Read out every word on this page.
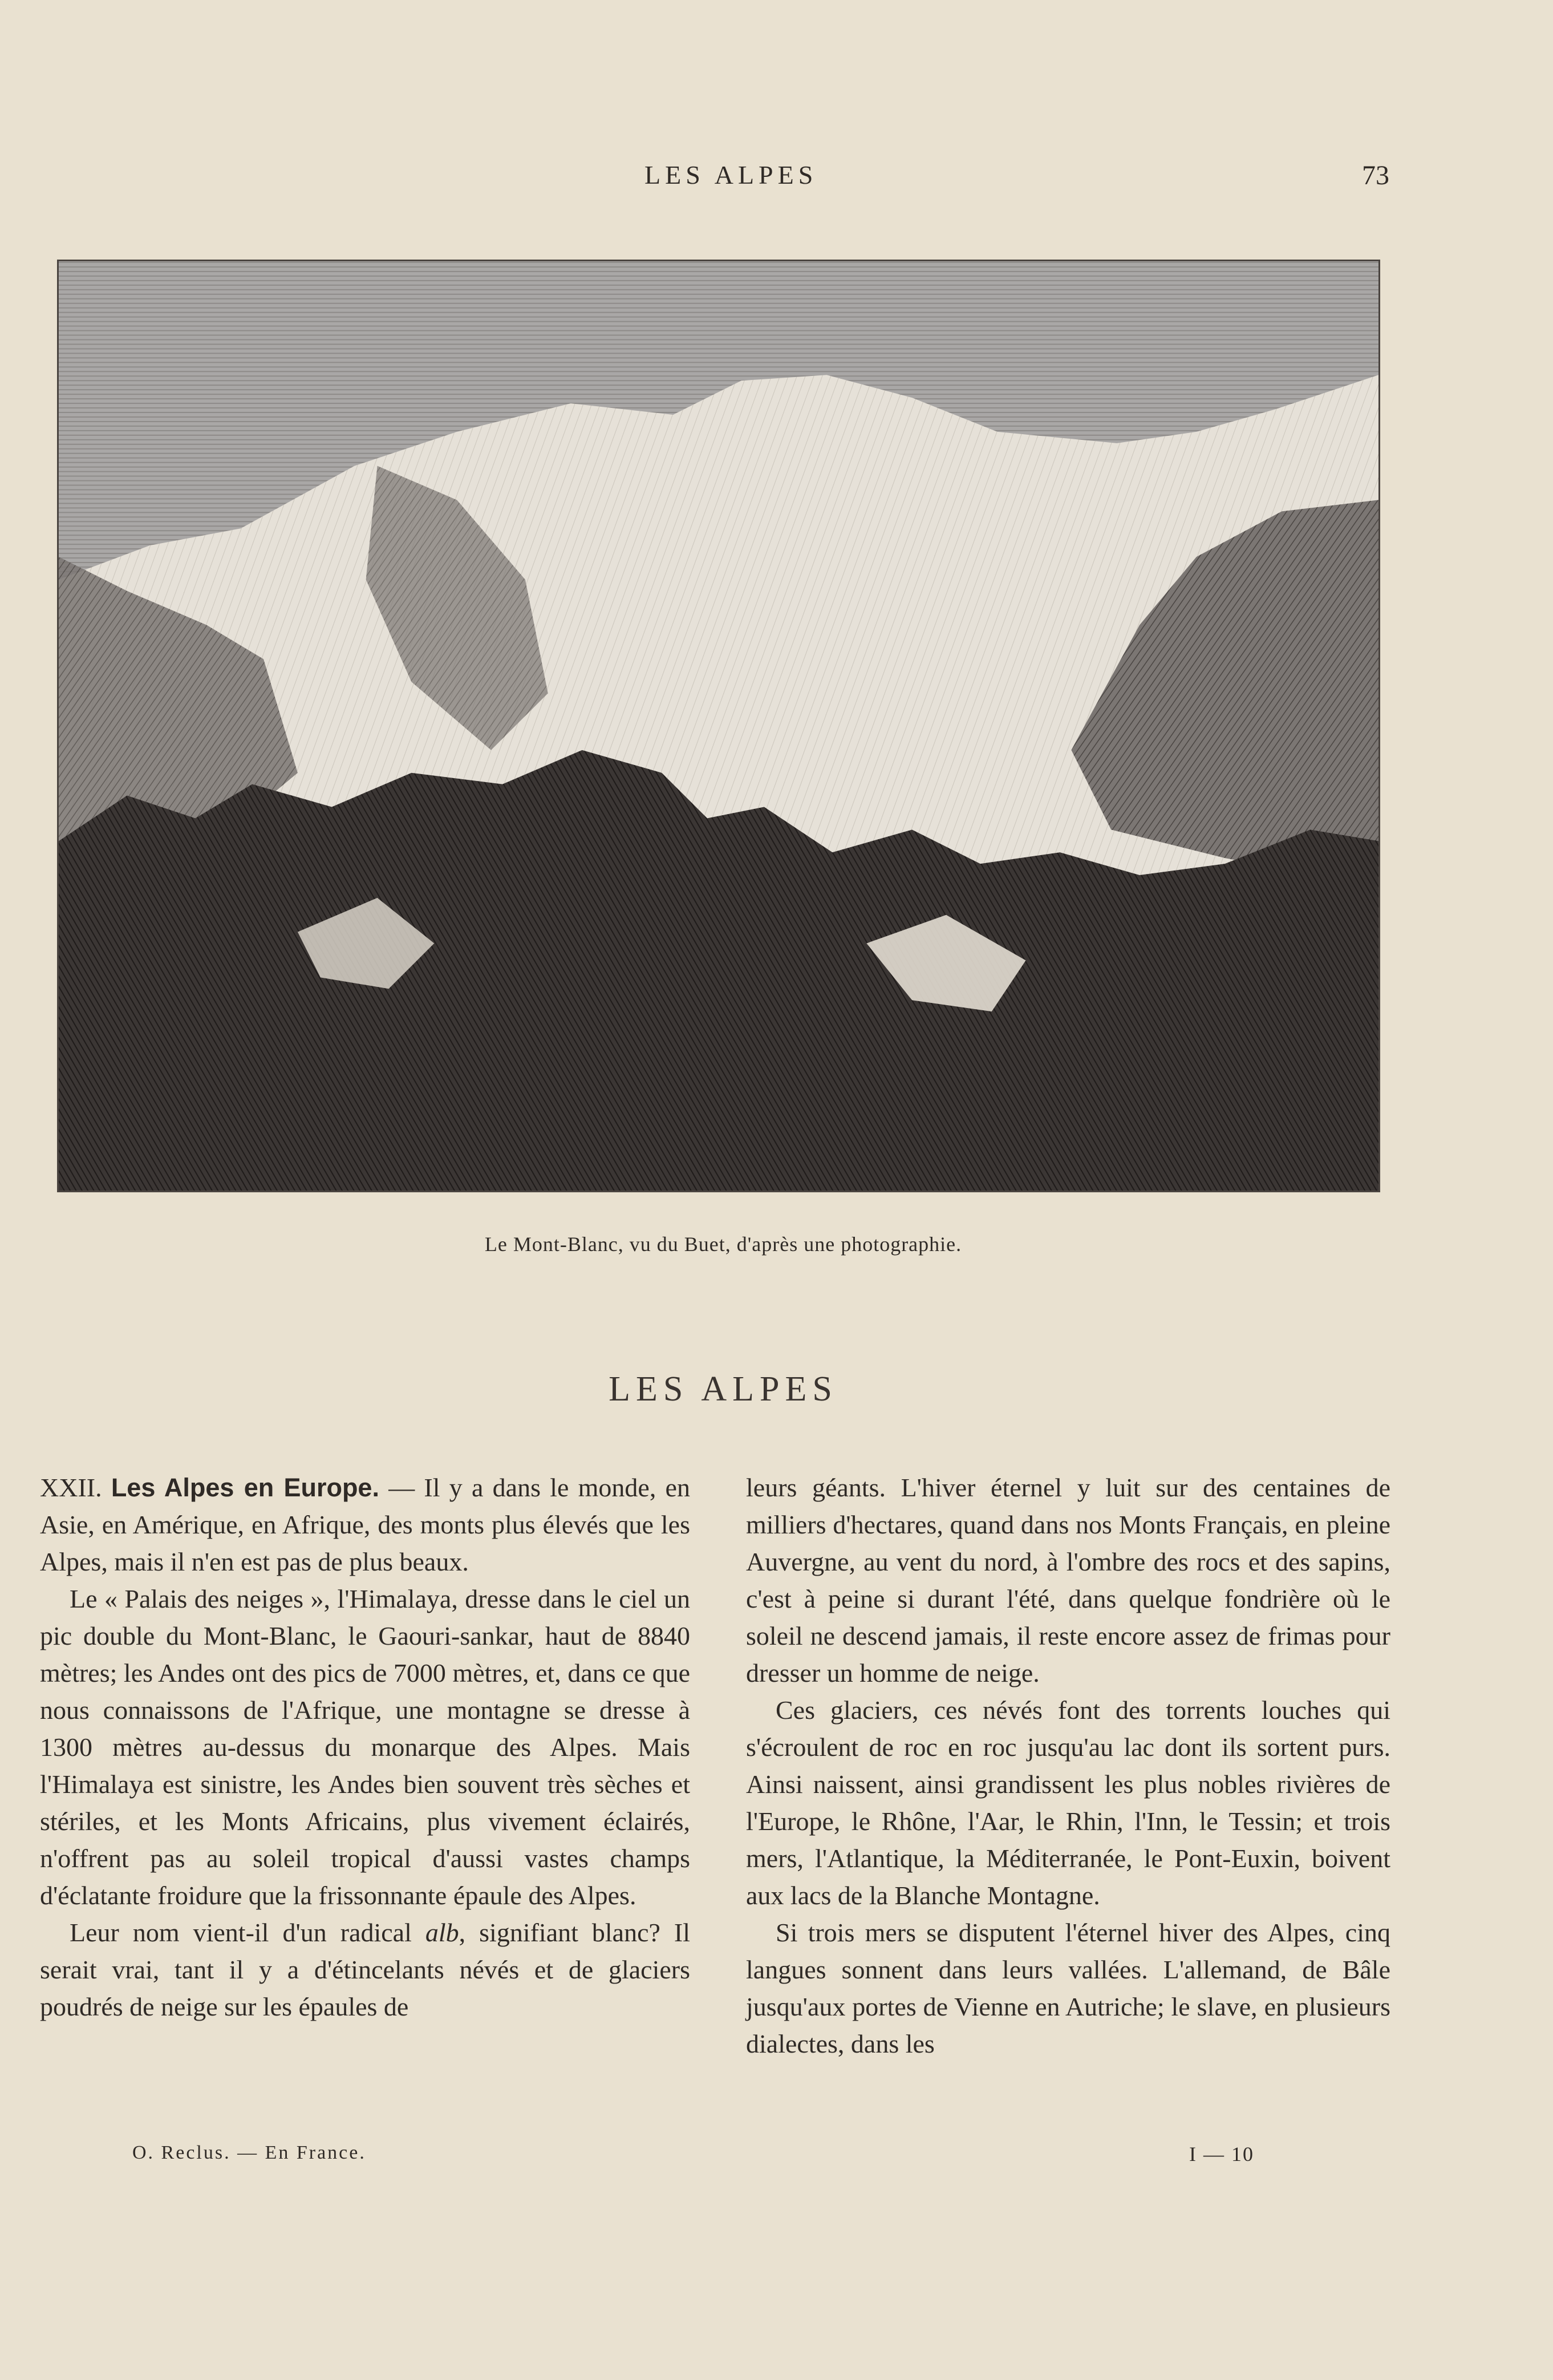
LES ALPES	73
Le Mont-Blanc, vu du Buet, d'après une photographie.
LES ALPES

XXII. Les Alpes en Europe. — Il y a dans le monde, en Asie, en Amérique, en Afrique, des monts plus élevés que les Alpes, mais il n'en est pas de plus beaux.

Le « Palais des neiges », l'Himalaya, dresse dans le ciel un pic double du Mont-Blanc, le Gaouri-sankar, haut de 8840 mètres; les Andes ont des pics de 7000 mètres, et, dans ce que nous connaissons de l'Afrique, une montagne se dresse à 1300 mètres au-dessus du monarque des Alpes. Mais l'Himalaya est sinistre, les Andes bien souvent très sèches et stériles, et les Monts Africains, plus vivement éclairés, n'offrent pas au soleil tropical d'aussi vastes champs d'éclatante froidure que la frissonnante épaule des Alpes.

Leur nom vient-il d'un radical alb, signifiant blanc? Il serait vrai, tant il y a d'étincelants névés et de glaciers poudrés de neige sur les épaules de

leurs géants. L'hiver éternel y luit sur des centaines de milliers d'hectares, quand dans nos Monts Français, en pleine Auvergne, au vent du nord, à l'ombre des rocs et des sapins, c'est à peine si durant l'été, dans quelque fondrière où le soleil ne descend jamais, il reste encore assez de frimas pour dresser un homme de neige.

Ces glaciers, ces névés font des torrents louches qui s'écroulent de roc en roc jusqu'au lac dont ils sortent purs. Ainsi naissent, ainsi grandissent les plus nobles rivières de l'Europe, le Rhône, l'Aar, le Rhin, l'Inn, le Tessin; et trois mers, l'Atlantique, la Méditerranée, le Pont-Euxin, boivent aux lacs de la Blanche Montagne.

Si trois mers se disputent l'éternel hiver des Alpes, cinq langues sonnent dans leurs vallées. L'allemand, de Bâle jusqu'aux portes de Vienne en Autriche; le slave, en plusieurs dialectes, dans les

O. Reclus. — En France.	I — 10
